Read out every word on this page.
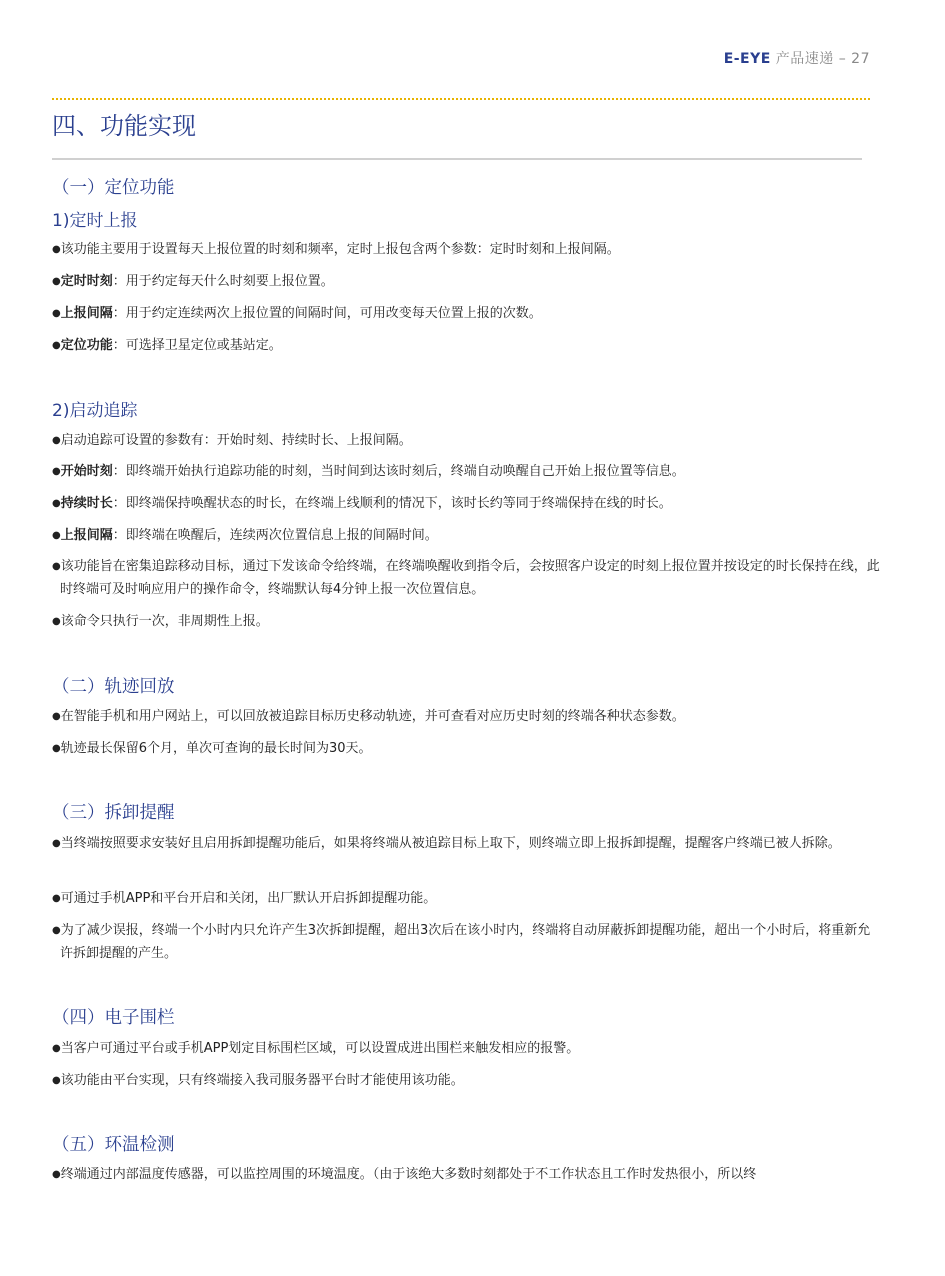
E-EYE 产品速递 – 27
四、功能实现
（一）定位功能
1)定时上报

●该功能主要用于设置每天上报位置的时刻和频率，定时上报包含两个参数：定时时刻和上报间隔。

●定时时刻：用于约定每天什么时刻要上报位置。

●上报间隔：用于约定连续两次上报位置的间隔时间，可用改变每天位置上报的次数。

●定位功能：可选择卫星定位或基站定。

2)启动追踪

●启动追踪可设置的参数有：开始时刻、持续时长、上报间隔。

●开始时刻：即终端开始执行追踪功能的时刻，当时间到达该时刻后，终端自动唤醒自己开始上报位置等信息。

●持续时长：即终端保持唤醒状态的时长，在终端上线顺利的情况下，该时长约等同于终端保持在线的时长。

●上报间隔：即终端在唤醒后，连续两次位置信息上报的间隔时间。

●该功能旨在密集追踪移动目标，通过下发该命令给终端，在终端唤醒收到指令后，会按照客户设定的时刻上报位置并按设定的时长保持在线，此时终端可及时响应用户的操作命令，终端默认每4分钟上报一次位置信息。

●该命令只执行一次，非周期性上报。

（二）轨迹回放

●在智能手机和用户网站上，可以回放被追踪目标历史移动轨迹，并可查看对应历史时刻的终端各种状态参数。

●轨迹最长保留6个月，单次可查询的最长时间为30天。

（三）拆卸提醒

●当终端按照要求安装好且启用拆卸提醒功能后，如果将终端从被追踪目标上取下，则终端立即上报拆卸提醒，提醒客户终端已被人拆除。

●可通过手机APP和平台开启和关闭，出厂默认开启拆卸提醒功能。

●为了减少误报，终端一个小时内只允许产生3次拆卸提醒，超出3次后在该小时内，终端将自动屏蔽拆卸提醒功能，超出一个小时后，将重新允许拆卸提醒的产生。

（四）电子围栏

●当客户可通过平台或手机APP划定目标围栏区域，可以设置成进出围栏来触发相应的报警。

●该功能由平台实现，只有终端接入我司服务器平台时才能使用该功能。

（五）环温检测

●终端通过内部温度传感器，可以监控周围的环境温度。（由于该绝大多数时刻都处于不工作状态且工作时发热很小，所以终
